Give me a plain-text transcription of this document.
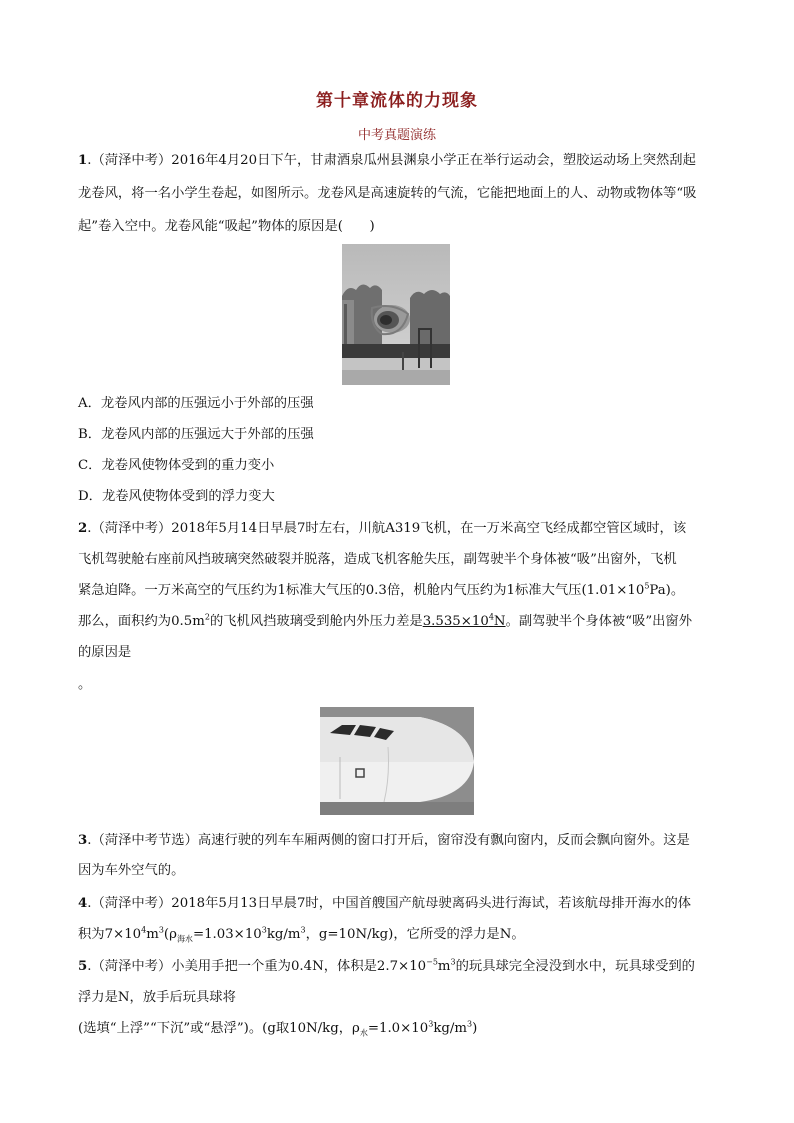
第十章流体的力现象
中考真题演练
1.（菏泽中考）2016年4月20日下午，甘肃酒泉瓜州县渊泉小学正在举行运动会，塑胶运动场上突然刮起
龙卷风，将一名小学生卷起，如图所示。龙卷风是高速旋转的气流，它能把地面上的人、动物或物体等“吸
起”卷入空中。龙卷风能“吸起”物体的原因是(　　)
A．龙卷风内部的压强远小于外部的压强
B．龙卷风内部的压强远大于外部的压强
C．龙卷风使物体受到的重力变小
D．龙卷风使物体受到的浮力变大
2.（菏泽中考）2018年5月14日早晨7时左右，川航A319飞机，在一万米高空飞经成都空管区域时，该
飞机驾驶舱右座前风挡玻璃突然破裂并脱落，造成飞机客舱失压，副驾驶半个身体被“吸”出窗外，飞机
紧急迫降。一万米高空的气压约为1标准大气压的0.3倍，机舱内气压约为1标准大气压$(1.01\times 10^5Pa)$。
那么，面积约为$0.5m^2$的飞机风挡玻璃受到舱内外压力差是$3.535\times 10^4N$。副驾驶半个身体被“吸”出窗外
的原因是
。
3.（菏泽中考节选）高速行驶的列车车厢两侧的窗口打开后，窗帘没有飘向窗内，反而会飘向窗外。这是
因为车外空气的。
4.（菏泽中考）2018年5月13日早晨7时，中国首艘国产航母驶离码头进行海试，若该航母排开海水的体
积为$7\times 10^4m^3(\rho_{海水}=1.03\times 10^3kg/m^3$，g=10N/kg)，它所受的浮力是N。
5.（菏泽中考）小美用手把一个重为0.4N，体积是$2.7\times 10^{-5}m^3$的玩具球完全浸没到水中，玩具球受到的
浮力是N，放手后玩具球将
(选填“上浮”“下沉”或“悬浮”)。(g取10N/kg，$\rho_水=1.0\times 10^3kg/m^3$)
